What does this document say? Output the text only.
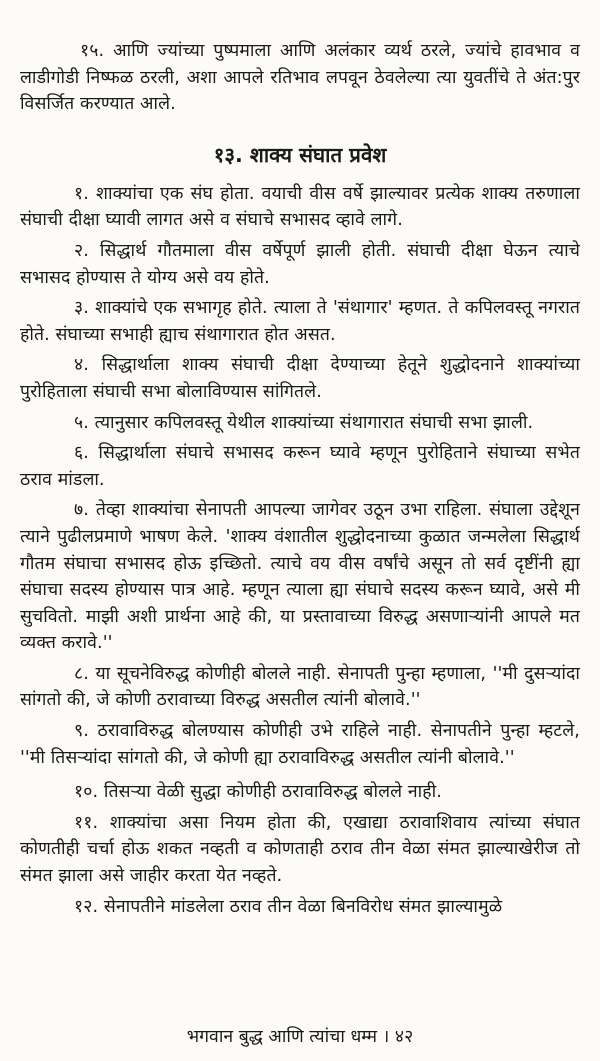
१५. आणि ज्यांच्या पुष्पमाला आणि अलंकार व्यर्थ ठरले, ज्यांचे हावभाव व लाडीगोडी निष्फळ ठरली, अशा आपले रतिभाव लपवून ठेवलेल्या त्या युवतींचे ते अंत:पुर विसर्जित करण्यात आले.

१३. शाक्य संघात प्रवेश

१. शाक्यांचा एक संघ होता. वयाची वीस वर्षे झाल्यावर प्रत्येक शाक्य तरुणाला संघाची दीक्षा घ्यावी लागत असे व संघाचे सभासद व्हावे लागे.

२. सिद्धार्थ गौतमाला वीस वर्षेपूर्ण झाली होती. संघाची दीक्षा घेऊन त्याचे सभासद होण्यास ते योग्य असे वय होते.

३. शाक्यांचे एक सभागृह होते. त्याला ते 'संथागार' म्हणत. ते कपिलवस्तू नगरात होते. संघाच्या सभाही ह्याच संथागारात होत असत.

४. सिद्धार्थाला शाक्य संघाची दीक्षा देण्याच्या हेतूने शुद्धोदनाने शाक्यांच्या पुरोहिताला संघाची सभा बोलाविण्यास सांगितले.

५. त्यानुसार कपिलवस्तू येथील शाक्यांच्या संथागारात संघाची सभा झाली.

६. सिद्धार्थाला संघाचे सभासद करून घ्यावे म्हणून पुरोहिताने संघाच्या सभेत ठराव मांडला.

७. तेव्हा शाक्यांचा सेनापती आपल्या जागेवर उठून उभा राहिला. संघाला उद्देशून त्याने पुढीलप्रमाणे भाषण केले. 'शाक्य वंशातील शुद्धोदनाच्या कुळात जन्मलेला सिद्धार्थ गौतम संघाचा सभासद होऊ इच्छितो. त्याचे वय वीस वर्षांचे असून तो सर्व दृष्टींनी ह्या संघाचा सदस्य होण्यास पात्र आहे. म्हणून त्याला ह्या संघाचे सदस्य करून घ्यावे, असे मी सुचवितो. माझी अशी प्रार्थना आहे की, या प्रस्तावाच्या विरुद्ध असणाऱ्यांनी आपले मत व्यक्त करावे.''

८. या सूचनेविरुद्ध कोणीही बोलले नाही. सेनापती पुन्हा म्हणाला, ''मी दुसऱ्यांदा सांगतो की, जे कोणी ठरावाच्या विरुद्ध असतील त्यांनी बोलावे.''

९. ठरावाविरुद्ध बोलण्यास कोणीही उभे राहिले नाही. सेनापतीने पुन्हा म्हटले, ''मी तिसऱ्यांदा सांगतो की, जे कोणी ह्या ठरावाविरुद्ध असतील त्यांनी बोलावे.''

१०. तिसऱ्या वेळी सुद्धा कोणीही ठरावाविरुद्ध बोलले नाही.

११. शाक्यांचा असा नियम होता की, एखाद्या ठरावाशिवाय त्यांच्या संघात कोणतीही चर्चा होऊ शकत नव्हती व कोणताही ठराव तीन वेळा संमत झाल्याखेरीज तो संमत झाला असे जाहीर करता येत नव्हते.

१२. सेनापतीने मांडलेला ठराव तीन वेळा बिनविरोध संमत झाल्यामुळे

भगवान बुद्ध आणि त्यांचा धम्म । ४२
